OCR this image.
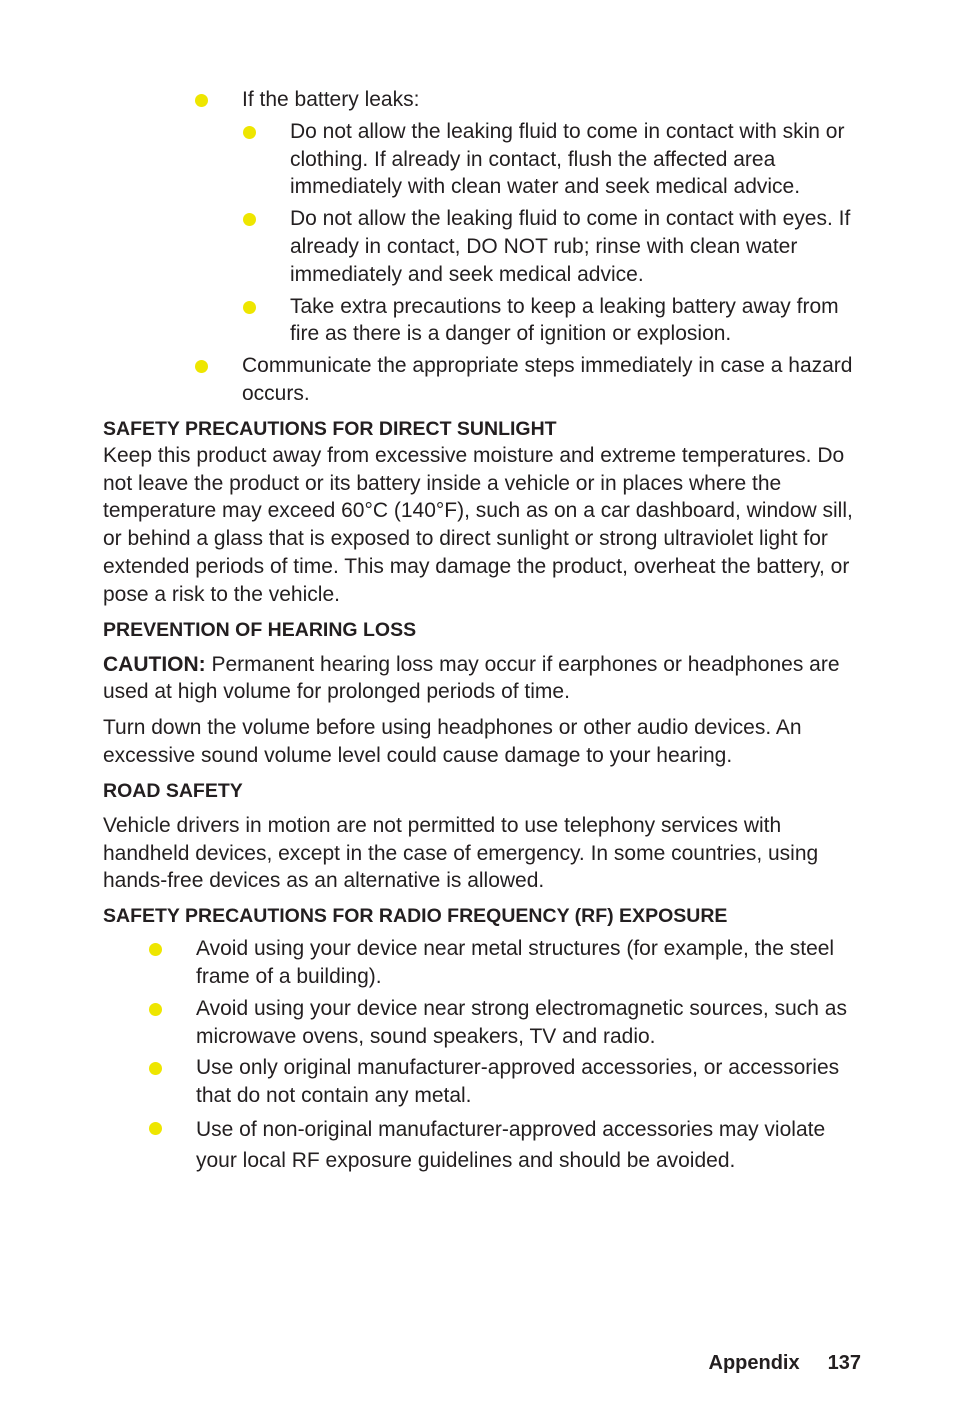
If the battery leaks:
Do not allow the leaking fluid to come in contact with skin or clothing. If already in contact, flush the affected area immediately with clean water and seek medical advice.
Do not allow the leaking fluid to come in contact with eyes. If already in contact, DO NOT rub; rinse with clean water immediately and seek medical advice.
Take extra precautions to keep a leaking battery away from fire as there is a danger of ignition or explosion.
Communicate the appropriate steps immediately in case a hazard occurs.
SAFETY PRECAUTIONS FOR DIRECT SUNLIGHT
Keep this product away from excessive moisture and extreme temperatures. Do not leave the product or its battery inside a vehicle or in places where the temperature may exceed 60°C (140°F), such as on a car dashboard, window sill, or behind a glass that is exposed to direct sunlight or strong ultraviolet light for extended periods of time. This may damage the product, overheat the battery, or pose a risk to the vehicle.
PREVENTION OF HEARING LOSS
CAUTION: Permanent hearing loss may occur if earphones or headphones are used at high volume for prolonged periods of time.
Turn down the volume before using headphones or other audio devices. An excessive sound volume level could cause damage to your hearing.
ROAD SAFETY
Vehicle drivers in motion are not permitted to use telephony services with handheld devices, except in the case of emergency. In some countries, using hands-free devices as an alternative is allowed.
SAFETY PRECAUTIONS FOR RADIO FREQUENCY (RF) EXPOSURE
Avoid using your device near metal structures (for example, the steel frame of a building).
Avoid using your device near strong electromagnetic sources, such as microwave ovens, sound speakers, TV and radio.
Use only original manufacturer-approved accessories, or accessories that do not contain any metal.
Use of non-original manufacturer-approved accessories may violate your local RF exposure guidelines and should be avoided.
Appendix 137
